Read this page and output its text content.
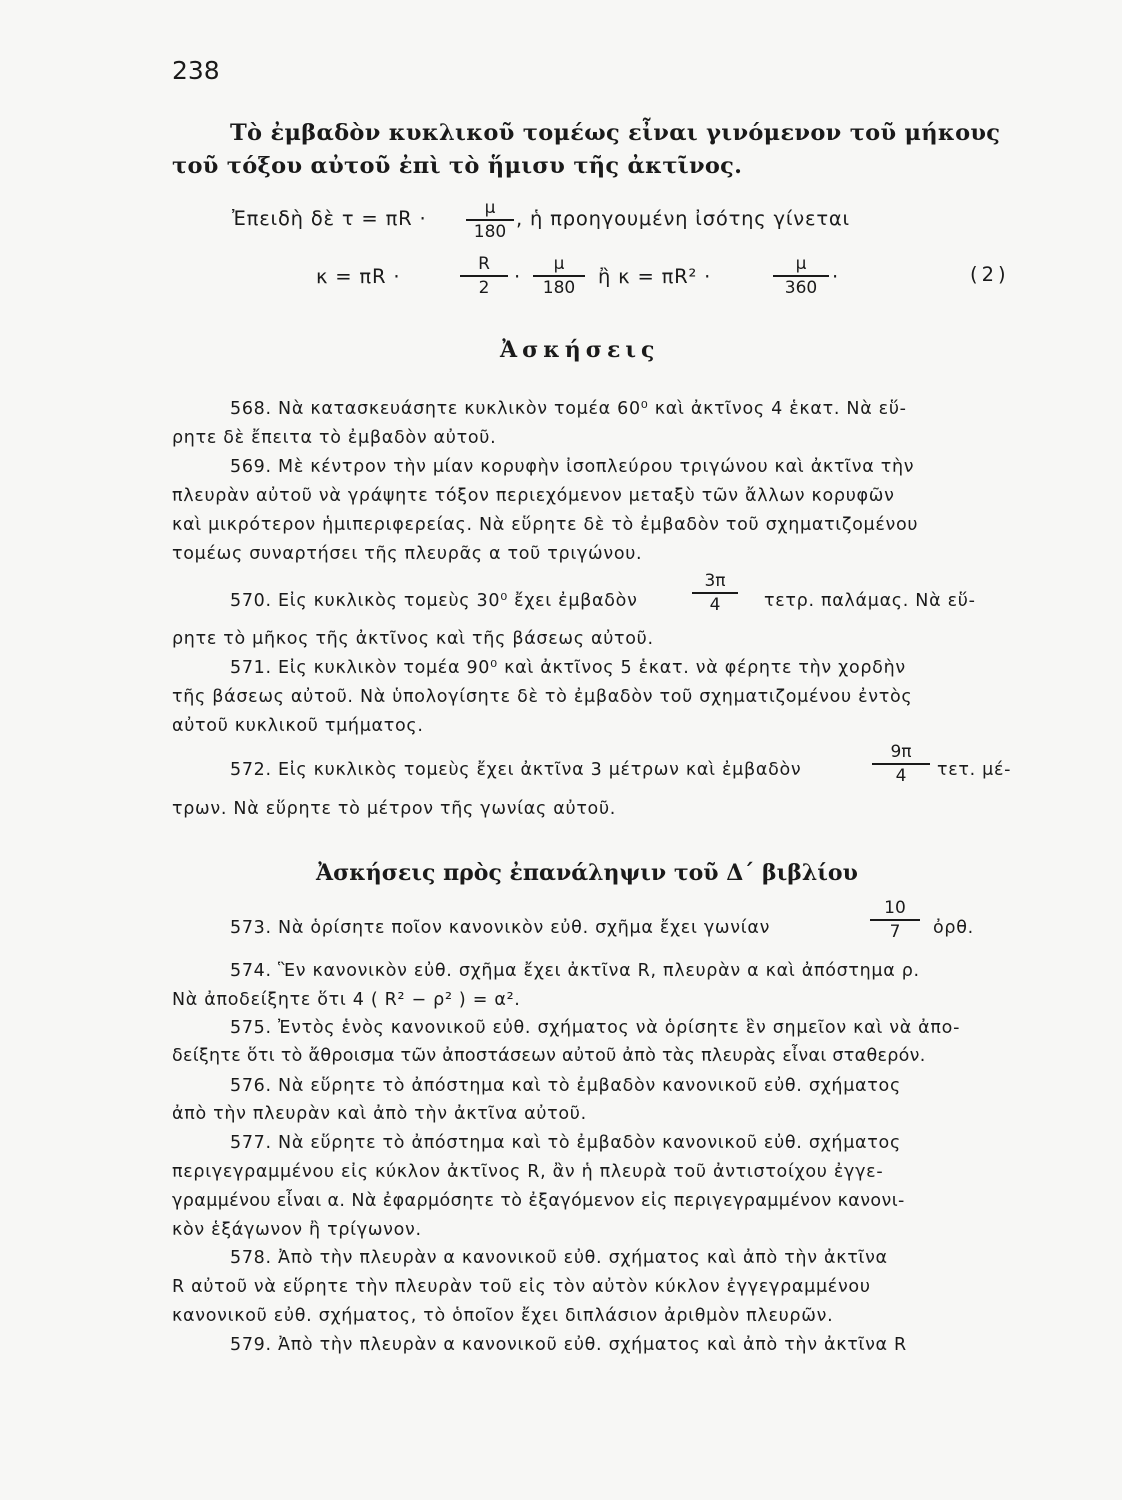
238
Τὸ ἐμβαδὸν κυκλικοῦ τομέως εἶναι γινόμενον τοῦ μήκους
τοῦ τόξου αὐτοῦ ἐπὶ τὸ ἥμισυ τῆς ἀκτῖνος.
Ἐπειδὴ δὲ τ = πR ·	μ
180
, ἡ προηγουμένη ἰσότης γίνεται
κ = πR ·
R
2	·
μ
180	ἢ κ = πR² ·
μ
360 ·	(2)
Ἀσκήσεις
568. Νὰ κατασκευάσητε κυκλικὸν τομέα 60⁰ καὶ ἀκτῖνος 4 ἑκατ. Νὰ εὕ-
ρητε δὲ ἔπειτα τὸ ἐμβαδὸν αὐτοῦ.
569. Μὲ κέντρον τὴν μίαν κορυφὴν ἰσοπλεύρου τριγώνου καὶ ἀκτῖνα τὴν
πλευρὰν αὐτοῦ νὰ γράψητε τόξον περιεχόμενον μεταξὺ τῶν ἄλλων κορυφῶν
καὶ μικρότερον ἡμιπεριφερείας. Νὰ εὕρητε δὲ τὸ ἐμβαδὸν τοῦ σχηματιζομένου
τομέως συναρτήσει τῆς πλευρᾶς α τοῦ τριγώνου.
570. Εἰς κυκλικὸς τομεὺς 30⁰ ἔχει ἐμβαδὸν
3π
4	τετρ. παλάμας. Νὰ εὕ-
ρητε τὸ μῆκος τῆς ἀκτῖνος καὶ τῆς βάσεως αὐτοῦ.
571. Εἰς κυκλικὸν τομέα 90⁰ καὶ ἀκτῖνος 5 ἑκατ. νὰ φέρητε τὴν χορδὴν
τῆς βάσεως αὐτοῦ. Νὰ ὑπολογίσητε δὲ τὸ ἐμβαδὸν τοῦ σχηματιζομένου ἐντὸς
αὐτοῦ κυκλικοῦ τμήματος.
572. Εἰς κυκλικὸς τομεὺς ἔχει ἀκτῖνα 3 μέτρων καὶ ἐμβαδὸν
9π
4	τετ. μέ-
τρων. Νὰ εὕρητε τὸ μέτρον τῆς γωνίας αὐτοῦ.
Ἀσκήσεις πρὸς ἐπανάληψιν τοῦ Δ΄ βιβλίου
573. Νὰ ὁρίσητε ποῖον κανονικὸν εὐθ. σχῆμα ἔχει γωνίαν
10
7	ὀρθ.
574. Ἓν κανονικὸν εὐθ. σχῆμα ἔχει ἀκτῖνα R, πλευρὰν α καὶ ἀπόστημα ρ.
Νὰ ἀποδείξητε ὅτι 4 ( R² − ρ² ) = α².
575. Ἐντὸς ἑνὸς κανονικοῦ εὐθ. σχήματος νὰ ὁρίσητε ἓν σημεῖον καὶ νὰ ἀπο-
δείξητε ὅτι τὸ ἄθροισμα τῶν ἀποστάσεων αὐτοῦ ἀπὸ τὰς πλευρὰς εἶναι σταθερόν.
576. Νὰ εὕρητε τὸ ἀπόστημα καὶ τὸ ἐμβαδὸν κανονικοῦ εὐθ. σχήματος
ἀπὸ τὴν πλευρὰν καὶ ἀπὸ τὴν ἀκτῖνα αὐτοῦ.
577. Νὰ εὕρητε τὸ ἀπόστημα καὶ τὸ ἐμβαδὸν κανονικοῦ εὐθ. σχήματος
περιγεγραμμένου εἰς κύκλον ἀκτῖνος R, ἂν ἡ πλευρὰ τοῦ ἀντιστοίχου ἐγγε-
γραμμένου εἶναι α. Νὰ ἐφαρμόσητε τὸ ἐξαγόμενον εἰς περιγεγραμμένον κανονι-
κὸν ἑξάγωνον ἢ τρίγωνον.
578. Ἀπὸ τὴν πλευρὰν α κανονικοῦ εὐθ. σχήματος καὶ ἀπὸ τὴν ἀκτῖνα
R αὐτοῦ νὰ εὕρητε τὴν πλευρὰν τοῦ εἰς τὸν αὐτὸν κύκλον ἐγγεγραμμένου
κανονικοῦ εὐθ. σχήματος, τὸ ὁποῖον ἔχει διπλάσιον ἀριθμὸν πλευρῶν.
579. Ἀπὸ τὴν πλευρὰν α κανονικοῦ εὐθ. σχήματος καὶ ἀπὸ τὴν ἀκτῖνα R
